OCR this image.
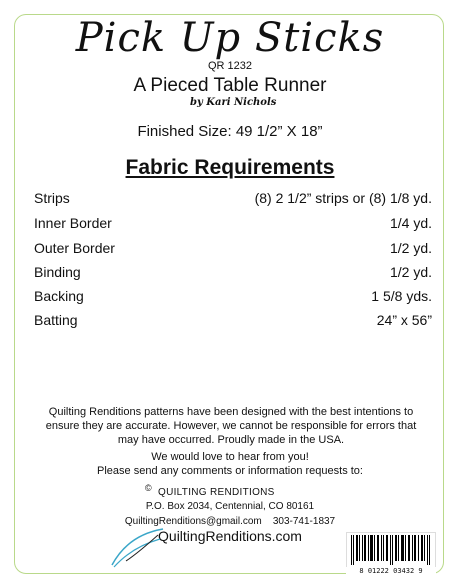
Pick Up Sticks
QR 1232
A Pieced Table Runner
by Kari Nichols
Finished Size: 49 1/2” X 18”
Fabric Requirements
Strips	(8) 2 1/2” strips or (8) 1/8 yd.
Inner Border	1/4 yd.
Outer Border	1/2 yd.
Binding	1/2 yd.
Backing	1 5/8 yds.
Batting	24” x 56”
Quilting Renditions patterns have been designed with the best intentions to ensure they are accurate. However, we cannot be responsible for errors that may have occurred. Proudly made in the USA.
We would love to hear from you!
Please send any comments or information requests to:
© QUILTING RENDITIONS
P.O. Box 2034, Centennial, CO 80161
QuiltingRenditions@gmail.com    303-741-1837
QuiltingRenditions.com
8 01222 03432 9
